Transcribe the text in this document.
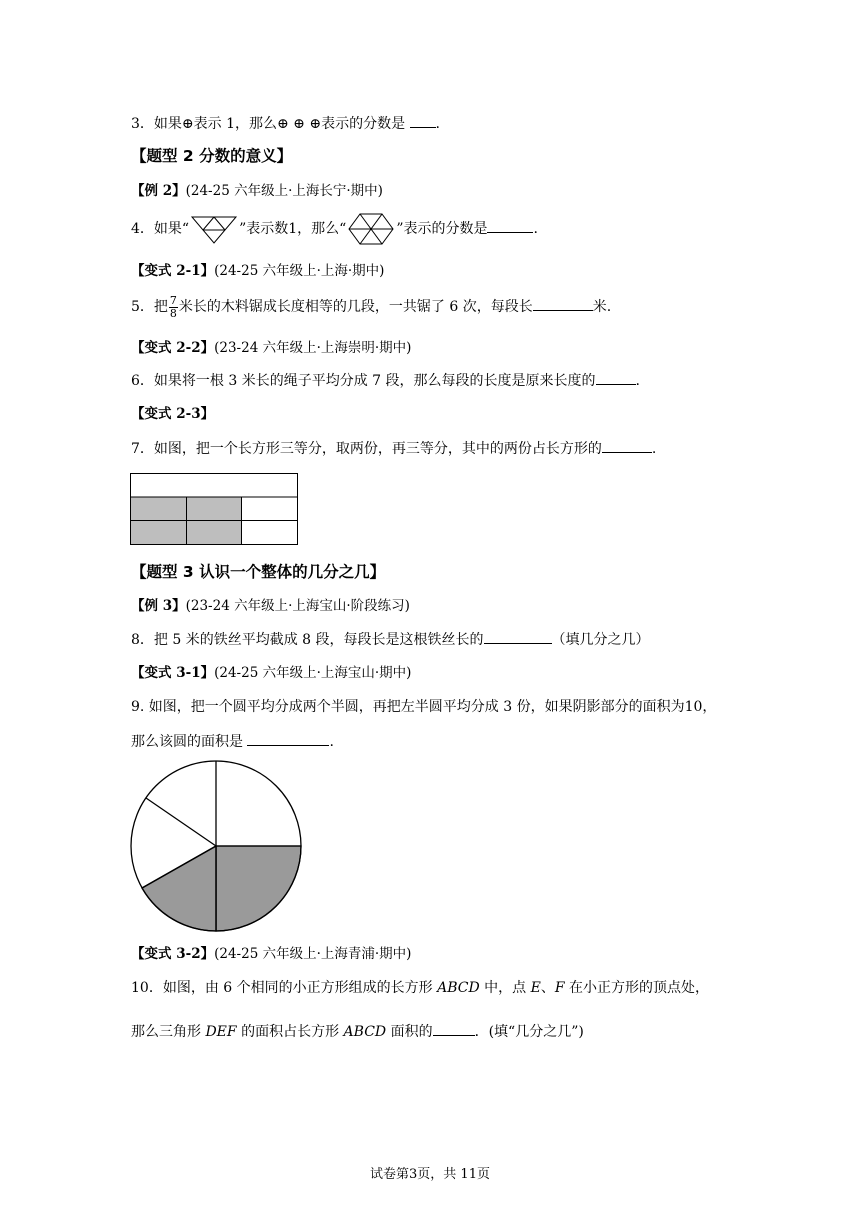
3．如果⊕表示 1，那么⊕ ⊕ ⊕表示的分数是 .
【题型 2 分数的意义】
【例 2】(24-25 六年级上·上海长宁·期中)
4．如果“	”表示数1，那么“	”表示的分数是	.
【变式 2-1】(24-25 六年级上·上海·期中)
5．把 $\frac{7}{8}$ 米长的木料锯成长度相等的几段，一共锯了 6 次，每段长	米.
【变式 2-2】(23-24 六年级上·上海崇明·期中)
6．如果将一根 3 米长的绳子平均分成 7 段，那么每段的长度是原来长度的	.
【变式 2-3】
7．如图，把一个长方形三等分，取两份，再三等分，其中的两份占长方形的	.
【题型 3 认识一个整体的几分之几】
【例 3】(23-24 六年级上·上海宝山·阶段练习)
8．把 5 米的铁丝平均截成 8 段，每段长是这根铁丝长的	（填几分之几）
【变式 3-1】(24-25 六年级上·上海宝山·期中)
9. 如图，把一个圆平均分成两个半圆，再把左半圆平均分成 3 份，如果阴影部分的面积为10，
那么该圆的面积是	.
【变式 3-2】(24-25 六年级上·上海青浦·期中)
10．如图，由 6 个相同的小正方形组成的长方形 ABCD 中，点 E、F 在小正方形的顶点处，
那么三角形 DEF 的面积占长方形 ABCD 面积的	．(填“几分之几”)
试卷第3页，共 11页
